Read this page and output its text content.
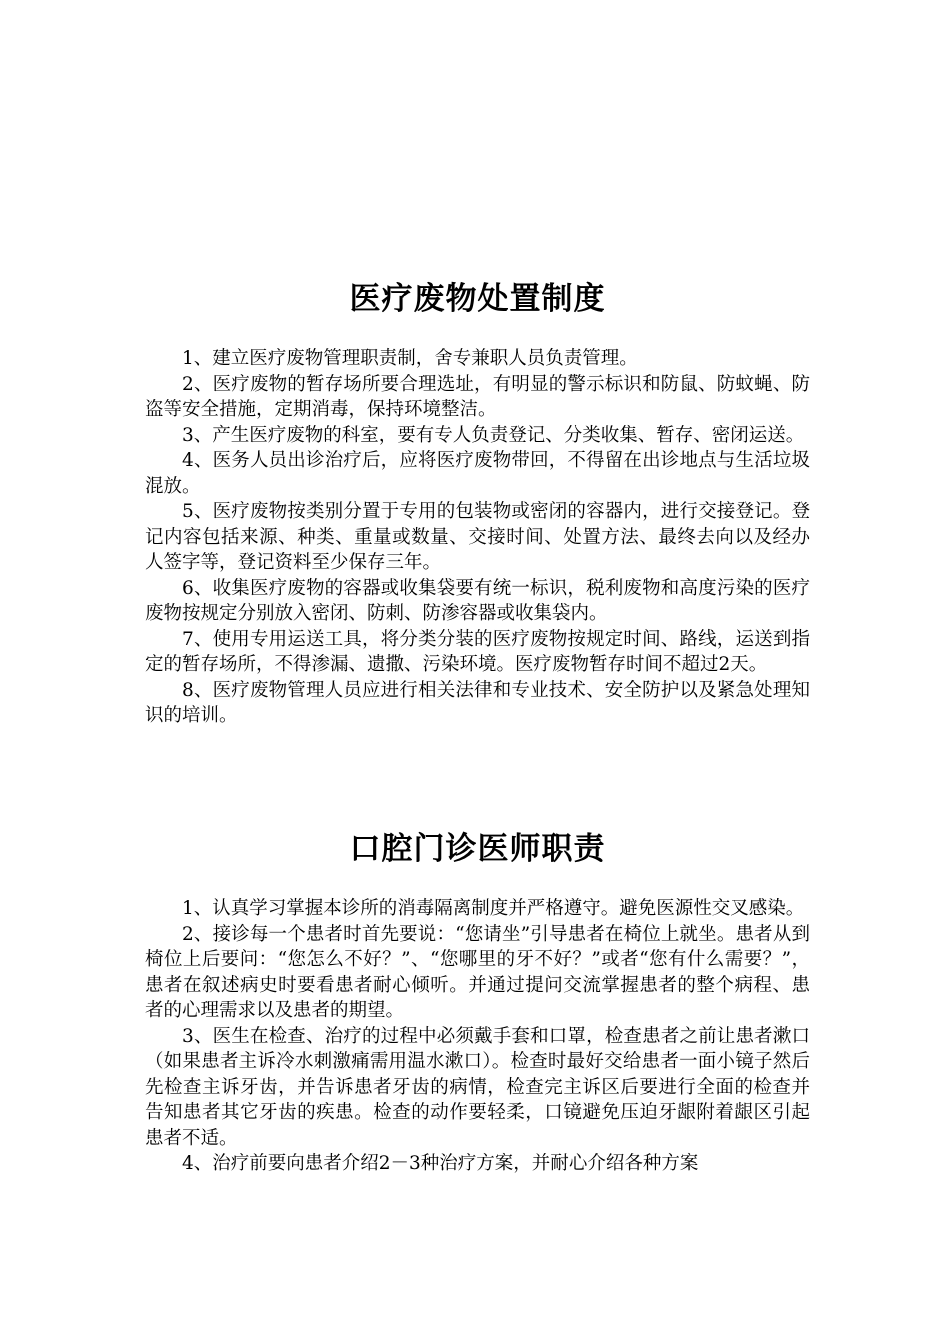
医疗废物处置制度

1、建立医疗废物管理职责制，舍专兼职人员负责管理。

2、医疗废物的暂存场所要合理选址，有明显的警示标识和防鼠、防蚊蝇、防盗等安全措施，定期消毒，保持环境整洁。

3、产生医疗废物的科室，要有专人负责登记、分类收集、暂存、密闭运送。

4、医务人员出诊治疗后，应将医疗废物带回，不得留在出诊地点与生活垃圾混放。

5、医疗废物按类别分置于专用的包装物或密闭的容器内，进行交接登记。登记内容包括来源、种类、重量或数量、交接时间、处置方法、最终去向以及经办人签字等，登记资料至少保存三年。

6、收集医疗废物的容器或收集袋要有统一标识，税利废物和高度污染的医疗废物按规定分别放入密闭、防刺、防渗容器或收集袋内。

7、使用专用运送工具，将分类分装的医疗废物按规定时间、路线，运送到指定的暂存场所，不得渗漏、遗撒、污染环境。医疗废物暂存时间不超过2天。

8、医疗废物管理人员应进行相关法律和专业技术、安全防护以及紧急处理知识的培训。

口腔门诊医师职责

1、认真学习掌握本诊所的消毒隔离制度并严格遵守。避免医源性交叉感染。

2、接诊每一个患者时首先要说：“您请坐”引导患者在椅位上就坐。患者从到椅位上后要问：“您怎么不好？”、“您哪里的牙不好？”或者“您有什么需要？”，患者在叙述病史时要看患者耐心倾听。并通过提问交流掌握患者的整个病程、患者的心理需求以及患者的期望。

3、医生在检查、治疗的过程中必须戴手套和口罩，检查患者之前让患者漱口（如果患者主诉冷水刺激痛需用温水漱口）。检查时最好交给患者一面小镜子然后先检查主诉牙齿，并告诉患者牙齿的病情，检查完主诉区后要进行全面的检查并告知患者其它牙齿的疾患。检查的动作要轻柔，口镜避免压迫牙龈附着龈区引起患者不适。

4、治疗前要向患者介绍2－3种治疗方案，并耐心介绍各种方案
